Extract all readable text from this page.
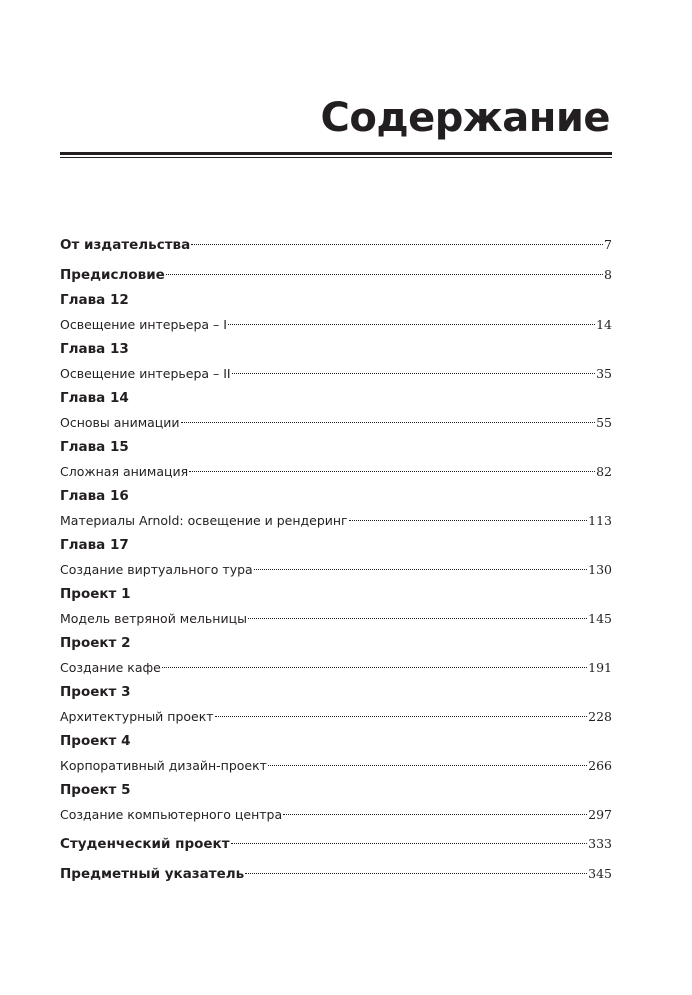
Содержание
От издательства	7
Предисловие	8
Глава 12
Освещение интерьера – I	14
Глава 13
Освещение интерьера – II	35
Глава 14
Основы анимации	55
Глава 15
Сложная анимация	82
Глава 16
Материалы Arnold: освещение и рендеринг	113
Глава 17
Создание виртуального тура	130
Проект 1
Модель ветряной мельницы	145
Проект 2
Создание кафе	191
Проект 3
Архитектурный проект	228
Проект 4
Корпоративный дизайн-проект	266
Проект 5
Создание компьютерного центра	297
Студенческий проект	333
Предметный указатель	345
